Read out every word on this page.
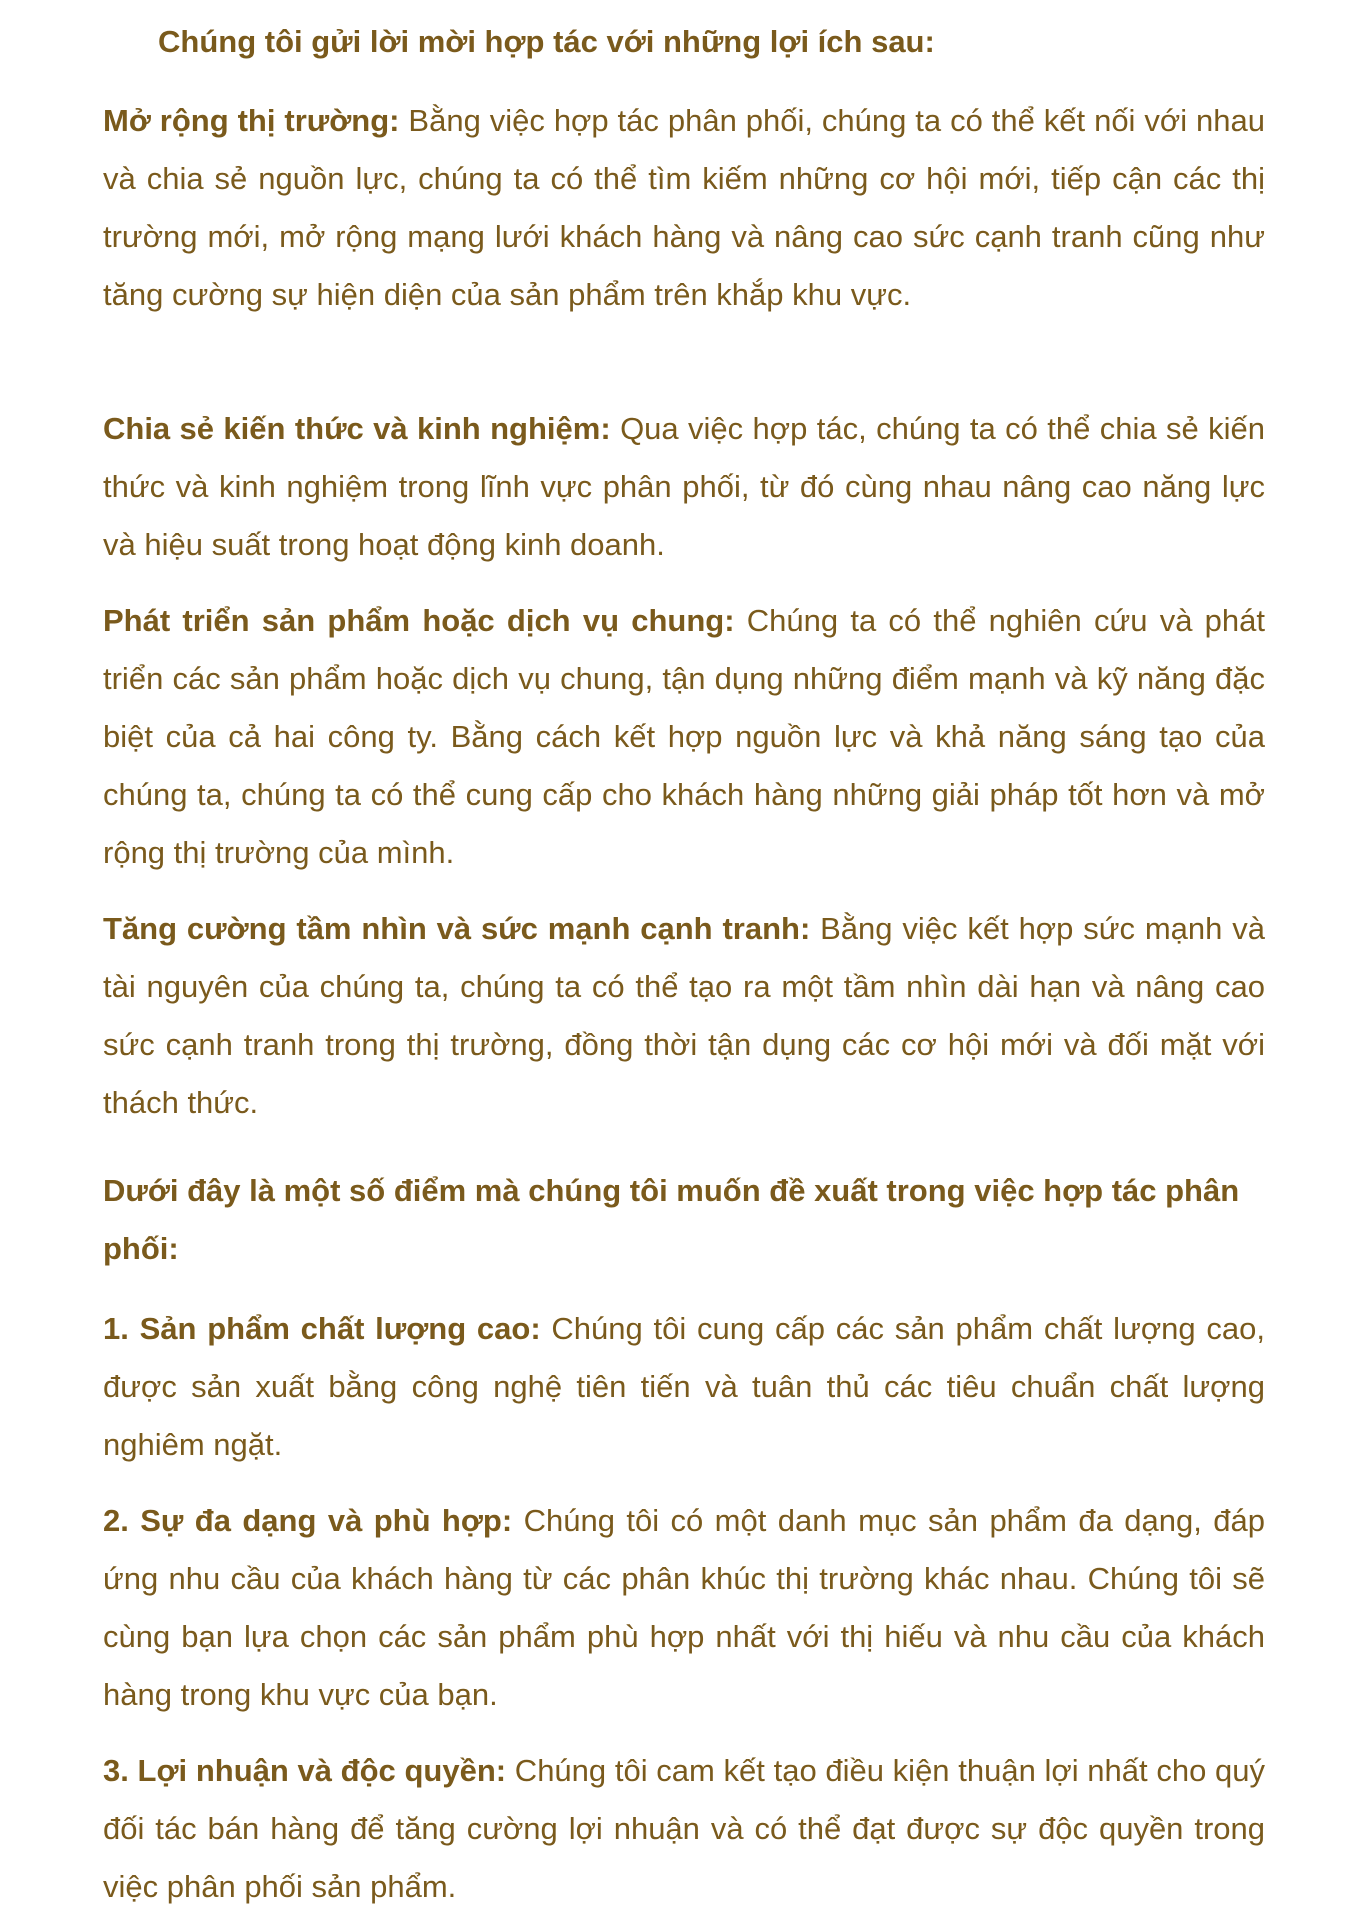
Chúng tôi gửi lời mời hợp tác với những lợi ích sau:

Mở rộng thị trường: Bằng việc hợp tác phân phối, chúng ta có thể kết nối với nhau và chia sẻ nguồn lực, chúng ta có thể tìm kiếm những cơ hội mới, tiếp cận các thị trường mới, mở rộng mạng lưới khách hàng và nâng cao sức cạnh tranh cũng như tăng cường sự hiện diện của sản phẩm trên khắp khu vực.

Chia sẻ kiến thức và kinh nghiệm: Qua việc hợp tác, chúng ta có thể chia sẻ kiến thức và kinh nghiệm trong lĩnh vực phân phối, từ đó cùng nhau nâng cao năng lực và hiệu suất trong hoạt động kinh doanh.

Phát triển sản phẩm hoặc dịch vụ chung: Chúng ta có thể nghiên cứu và phát triển các sản phẩm hoặc dịch vụ chung, tận dụng những điểm mạnh và kỹ năng đặc biệt của cả hai công ty. Bằng cách kết hợp nguồn lực và khả năng sáng tạo của chúng ta, chúng ta có thể cung cấp cho khách hàng những giải pháp tốt hơn và mở rộng thị trường của mình.

Tăng cường tầm nhìn và sức mạnh cạnh tranh: Bằng việc kết hợp sức mạnh và tài nguyên của chúng ta, chúng ta có thể tạo ra một tầm nhìn dài hạn và nâng cao sức cạnh tranh trong thị trường, đồng thời tận dụng các cơ hội mới và đối mặt với thách thức.

Dưới đây là một số điểm mà chúng tôi muốn đề xuất trong việc hợp tác phân phối:

1. Sản phẩm chất lượng cao: Chúng tôi cung cấp các sản phẩm chất lượng cao, được sản xuất bằng công nghệ tiên tiến và tuân thủ các tiêu chuẩn chất lượng nghiêm ngặt.

2. Sự đa dạng và phù hợp: Chúng tôi có một danh mục sản phẩm đa dạng, đáp ứng nhu cầu của khách hàng từ các phân khúc thị trường khác nhau. Chúng tôi sẽ cùng bạn lựa chọn các sản phẩm phù hợp nhất với thị hiếu và nhu cầu của khách hàng trong khu vực của bạn.

3. Lợi nhuận và độc quyền: Chúng tôi cam kết tạo điều kiện thuận lợi nhất cho quý đối tác bán hàng để tăng cường lợi nhuận và có thể đạt được sự độc quyền trong việc phân phối sản phẩm.
